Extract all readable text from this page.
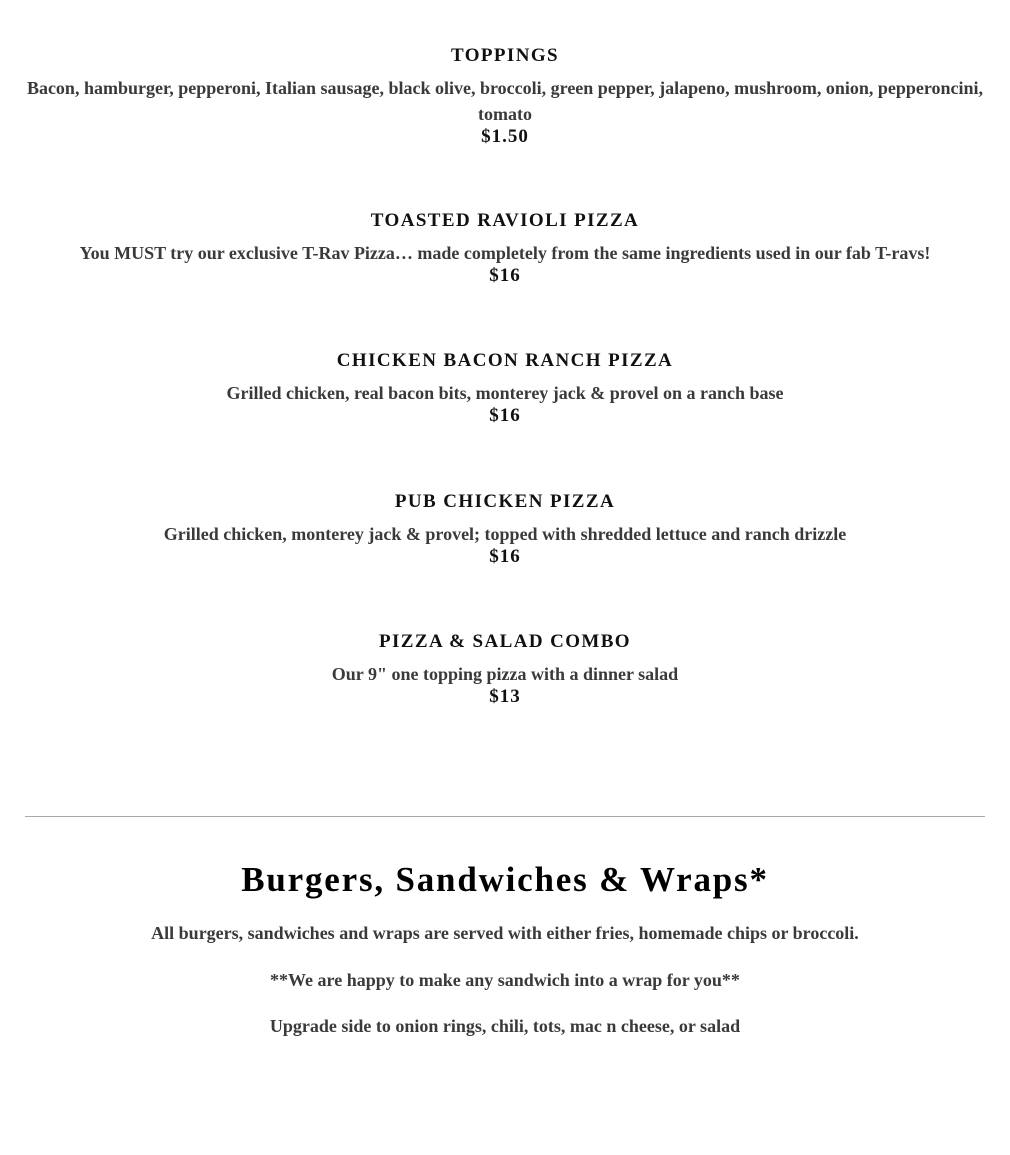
TOPPINGS
Bacon, hamburger, pepperoni, Italian sausage, black olive, broccoli, green pepper, jalapeno, mushroom, onion, pepperoncini, tomato
$1.50
TOASTED RAVIOLI PIZZA
You MUST try our exclusive T-Rav Pizza… made completely from the same ingredients used in our fab T-ravs!
$16
CHICKEN BACON RANCH PIZZA
Grilled chicken, real bacon bits, monterey jack & provel on a ranch base
$16
PUB CHICKEN PIZZA
Grilled chicken, monterey jack & provel; topped with shredded lettuce and ranch drizzle
$16
PIZZA & SALAD COMBO
Our 9" one topping pizza with a dinner salad
$13
Burgers, Sandwiches & Wraps*
All burgers, sandwiches and wraps are served with either fries, homemade chips or broccoli.
**We are happy to make any sandwich into a wrap for you**
Upgrade side to onion rings, chili, tots, mac n cheese, or salad
